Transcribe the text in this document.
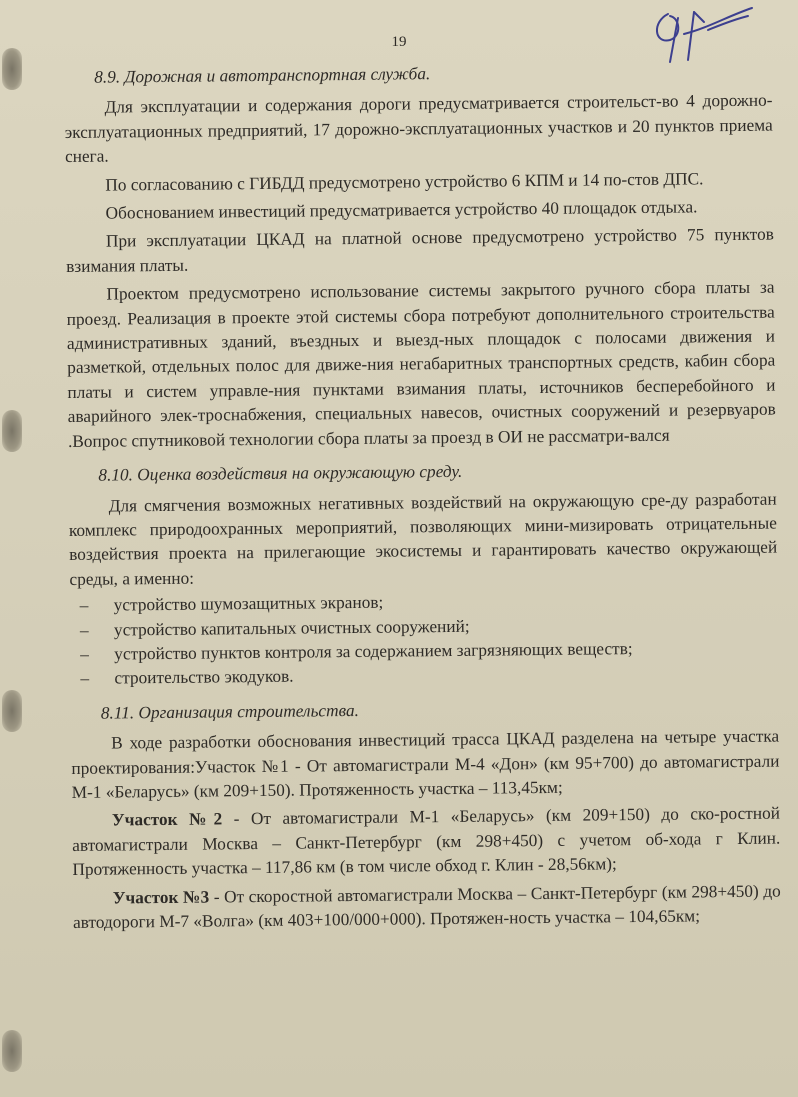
19
8.9. Дорожная и автотранспортная служба.

Для эксплуатации и содержания дороги предусматривается строительст-во 4 дорожно-эксплуатационных предприятий, 17 дорожно-эксплуатационных участков и 20 пунктов приема снега.

По согласованию с ГИБДД предусмотрено устройство 6 КПМ и 14 по-стов ДПС.

Обоснованием инвестиций предусматривается устройство 40 площадок отдыха.

При эксплуатации ЦКАД на платной основе предусмотрено устройство 75 пунктов взимания платы.

Проектом предусмотрено использование системы закрытого ручного сбора платы за проезд. Реализация в проекте этой системы сбора потребуют дополнительного строительства административных зданий, въездных и выезд-ных площадок с полосами движения и разметкой, отдельных полос для движе-ния негабаритных транспортных средств, кабин сбора платы и систем управле-ния пунктами взимания платы, источников бесперебойного и аварийного элек-троснабжения, специальных навесов, очистных сооружений и резервуаров .Вопрос спутниковой технологии сбора платы за проезд в ОИ не рассматри-вался

8.10. Оценка воздействия на окружающую среду.

Для смягчения возможных негативных воздействий на окружающую сре-ду разработан комплекс природоохранных мероприятий, позволяющих мини-мизировать отрицательные воздействия проекта на прилегающие экосистемы и гарантировать качество окружающей среды, а именно:

– устройство шумозащитных экранов;
– устройство капитальных очистных сооружений;
– устройство пунктов контроля за содержанием загрязняющих веществ;
– строительство экодуков.
8.11. Организация строительства.

В ходе разработки обоснования инвестиций трасса ЦКАД разделена на четыре участка проектирования:Участок №1 - От автомагистрали М-4 «Дон» (км 95+700) до автомагистрали М-1 «Беларусь» (км 209+150). Протяженность участка – 113,45км;

Участок №2 - От автомагистрали М-1 «Беларусь» (км 209+150) до ско-ростной автомагистрали Москва – Санкт-Петербург (км 298+450) с учетом об-хода г Клин. Протяженность участка – 117,86 км (в том числе обход г. Клин - 28,56км);

Участок №3 - От скоростной автомагистрали Москва – Санкт-Петербург (км 298+450) до автодороги М-7 «Волга» (км 403+100/000+000). Протяжен-ность участка – 104,65км;
